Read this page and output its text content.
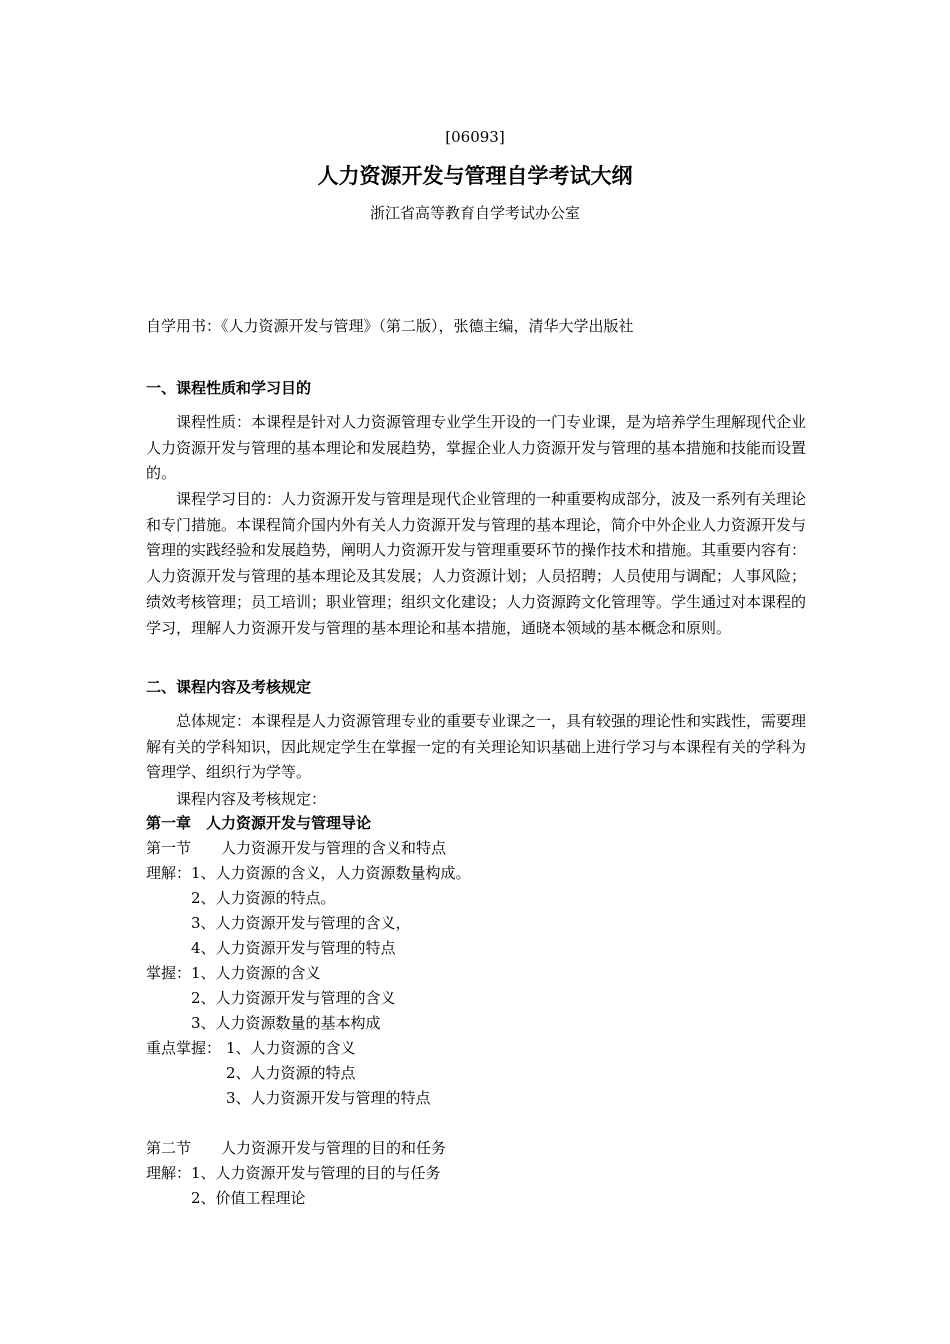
[06093]
人力资源开发与管理自学考试大纲
浙江省高等教育自学考试办公室
自学用书：《人力资源开发与管理》（第二版），张德主编，清华大学出版社
一、课程性质和学习目的

课程性质：本课程是针对人力资源管理专业学生开设的一门专业课，是为培养学生理解现代企业人力资源开发与管理的基本理论和发展趋势，掌握企业人力资源开发与管理的基本措施和技能而设置的。

课程学习目的：人力资源开发与管理是现代企业管理的一种重要构成部分，波及一系列有关理论和专门措施。本课程简介国内外有关人力资源开发与管理的基本理论，简介中外企业人力资源开发与管理的实践经验和发展趋势，阐明人力资源开发与管理重要环节的操作技术和措施。其重要内容有：人力资源开发与管理的基本理论及其发展；人力资源计划；人员招聘；人员使用与调配；人事风险；绩效考核管理；员工培训；职业管理；组织文化建设；人力资源跨文化管理等。学生通过对本课程的学习，理解人力资源开发与管理的基本理论和基本措施，通晓本领域的基本概念和原则。

二、课程内容及考核规定

总体规定：本课程是人力资源管理专业的重要专业课之一，具有较强的理论性和实践性，需要理解有关的学科知识，因此规定学生在掌握一定的有关理论知识基础上进行学习与本课程有关的学科为管理学、组织行为学等。

课程内容及考核规定：
第一章　人力资源开发与管理导论
第一节　　人力资源开发与管理的含义和特点
理解： 1、人力资源的含义，人力资源数量构成。
2、人力资源的特点。
3、人力资源开发与管理的含义，
4、人力资源开发与管理的特点
掌握： 1、人力资源的含义
2、人力资源开发与管理的含义
3、人力资源数量的基本构成
重点掌握： 1、人力资源的含义
2、人力资源的特点
3、人力资源开发与管理的特点
第二节　　人力资源开发与管理的目的和任务
理解： 1、人力资源开发与管理的目的与任务
2、价值工程理论
